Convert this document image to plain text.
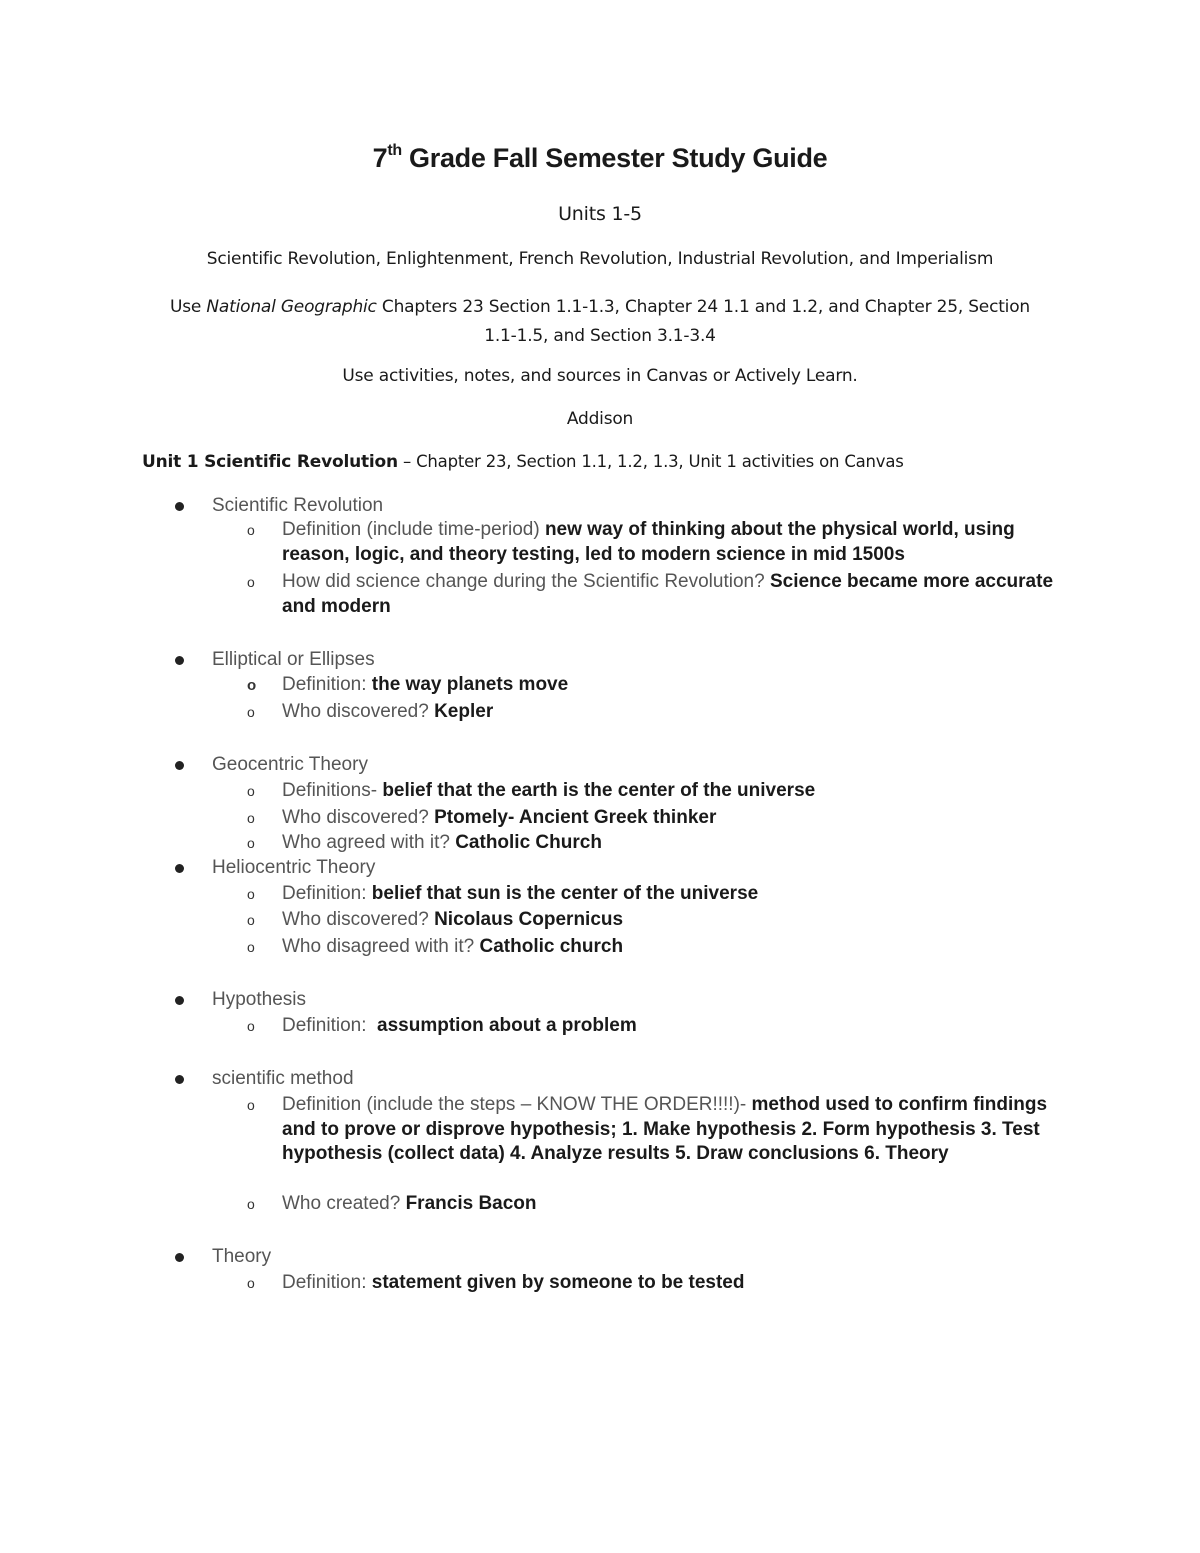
7th Grade Fall Semester Study Guide
Units 1-5
Scientific Revolution, Enlightenment, French Revolution, Industrial Revolution, and Imperialism
Use National Geographic Chapters 23 Section 1.1-1.3, Chapter 24 1.1 and 1.2, and Chapter 25, Section
1.1-1.5, and Section 3.1-3.4
Use activities, notes, and sources in Canvas or Actively Learn.
Addison
Unit 1 Scientific Revolution – Chapter 23, Section 1.1, 1.2, 1.3, Unit 1 activities on Canvas
Scientific Revolution
o Definition (include time-period) new way of thinking about the physical world, using reason, logic, and theory testing, led to modern science in mid 1500s
o How did science change during the Scientific Revolution? Science became more accurate and modern
Elliptical or Ellipses
o Definition: the way planets move
o Who discovered? Kepler
Geocentric Theory
o Definitions- belief that the earth is the center of the universe
o Who discovered? Ptomely- Ancient Greek thinker
o Who agreed with it? Catholic Church
Heliocentric Theory
o Definition: belief that sun is the center of the universe
o Who discovered? Nicolaus Copernicus
o Who disagreed with it? Catholic church
Hypothesis
o Definition:  assumption about a problem
scientific method
o Definition (include the steps – KNOW THE ORDER!!!!)- method used to confirm findings and to prove or disprove hypothesis; 1. Make hypothesis 2. Form hypothesis 3. Test hypothesis (collect data) 4. Analyze results 5. Draw conclusions 6. Theory
o Who created? Francis Bacon
Theory
o Definition: statement given by someone to be tested
